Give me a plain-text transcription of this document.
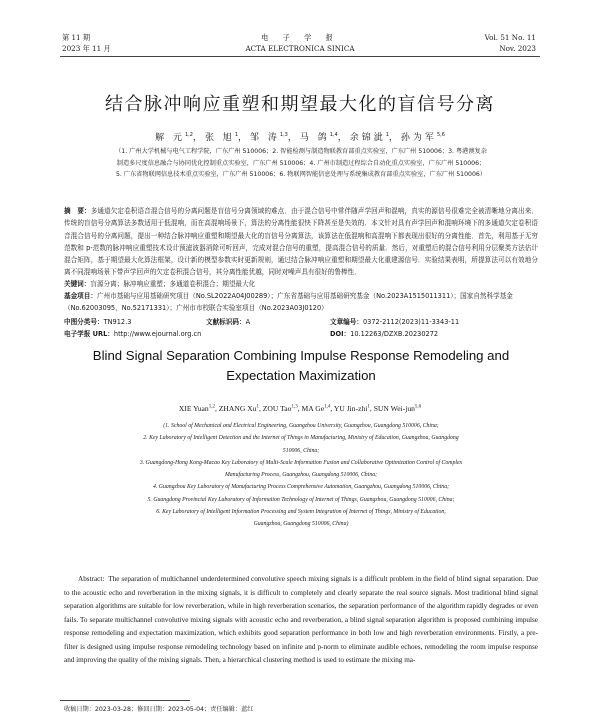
第 11 期
2023 年 11 月
电 子 学 报
ACTA ELECTRONICA SINICA
Vol. 51 No. 11
Nov. 2023
结合脉冲响应重塑和期望最大化的盲信号分离
解 元$^{1,2}$，张 旭$^1$，邹 涛$^{1,3}$，马 鸽$^{1,4}$，余锦泚$^1$，孙为军$^{5,6}$
（1. 广州大学机械与电气工程学院，广东广州 510006；2. 智能检测与制造物联教育部重点实验室，广东广州 510006；3. 粤港澳复杂
制造多尺度信息融合与协同优化控制重点实验室，广东广州 510006；4. 广州市制造过程综合自动化重点实验室，广东广州 510006；
5. 广东省物联网信息技术重点实验室，广东广州 510006；6. 物联网智能信息处理与系统集成教育部重点实验室，广东广州 510006）
摘　要：多通道欠定卷积语音混合信号的分离问题是盲信号分离领域的难点．由于混合信号中常伴随声学回声和混响，真实的源信号很难完全被清晰地分离出来．传统的盲信号分离算法多数适用于低混响，而在高混响场景下，算法的分离性能很快下降甚至是失效的．本文针对具有声学回声和混响环境下的多通道欠定卷积语音混合信号的分离问题，提出一种结合脉冲响应重塑和期望最大化的盲信号分离算法，该算法在低混响和高混响下都表现出很好的分离性能．首先，利用基于无穷范数和 p-范数的脉冲响应重塑技术设计预滤波器消除可听回声，完成对混合信号的重塑，提高混合信号的质量．然后，对重塑后的混合信号利用分层聚类方法估计混合矩阵，基于期望最大化算法框架，设计新的模型参数实时更新规则，通过结合脉冲响应重塑和期望最大化重建源信号．实验结果表明，所提算法可以有效地分离不同混响场景下带声学回声的欠定卷积混合信号，其分离性能优越，同时对噪声具有很好的鲁棒性．
关键词：盲源分离；脉冲响应重塑；多通道卷积混合；期望最大化
基金项目：广州市基础与应用基础研究项目（No.SL2022A04J00289）；广东省基础与应用基础研究基金（No.2023A1515011311）；国家自然科学基金（No.62003095，No.52171331）；广州市市校联合实验室项目（No.2023A03J0120）
中图分类号：TN912.3	文献标识码：A	文章编号：0372-2112(2023)11-3343-11
电子学报 URL：http://www.ejournal.org.cn	DOI：10.12263/DZXB.20230272
Blind Signal Separation Combining Impulse Response Remodeling and Expectation Maximization
XIE Yuan$^{1,2}$, ZHANG Xu$^1$, ZOU Tao$^{1,3}$, MA Ge$^{1,4}$, YU Jin-zhi$^1$, SUN Wei-jun$^{5,6}$
(1. School of Mechanical and Electrical Engineering, Guangzhou University, Guangzhou, Guangdong 510006, China;
2. Key Laboratory of Intelligent Detection and the Internet of Things in Manufacturing, Ministry of Education, Guangzhou, Guangdong
510006, China;
3. Guangdong-Hong Kong-Macao Key Laboratory of Multi-Scale Information Fusion and Collaborative Optimization Control of Complex
Manufacturing Process, Guangzhou, Guangdong 510006, China;
4. Guangzhou Key Laboratory of Manufacturing Process Comprehensive Automation, Guangzhou, Guangdong 510006, China;
5. Guangdong Provincial Key Laboratory of Information Technology of Internet of Things, Guangzhou, Guangdong 510006, China;
6. Key Laboratory of Intelligent Information Processing and System Integration of Internet of Things, Ministry of Education,
Guangzhou, Guangdong 510006, China)
Abstract: The separation of multichannel underdetermined convolutive speech mixing signals is a difficult problem in the field of blind signal separation. Due to the acoustic echo and reverberation in the mixing signals, it is difficult to completely and clearly separate the real source signals. Most traditional blind signal separation algorithms are suitable for low reverberation, while in high reverberation scenarios, the separation performance of the algorithm rapidly degrades or even fails. To separate multichannel convolutive mixing signals with acoustic echo and reverberation, a blind signal separation algorithm is proposed combining impulse response remodeling and expectation maximization, which exhibits good separation performance in both low and high reverberation environments. Firstly, a pre-filter is designed using impulse response remodeling technology based on infinite and p-norm to eliminate audible echoes, remodeling the room impulse response and improving the quality of the mixing signals. Then, a hierarchical clustering method is used to estimate the mixing ma-
收稿日期：2023-03-28；修回日期：2023-05-04；责任编辑：蓝红
